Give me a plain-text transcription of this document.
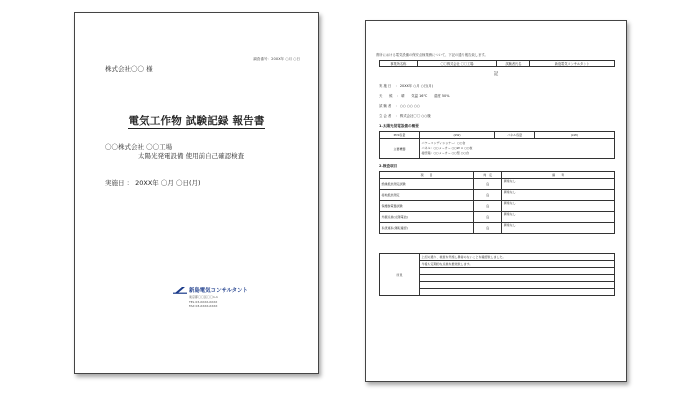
調査番号：20XX年 ○月 ○日
株式会社〇〇 様
電気工作物 試験記録 報告書
〇〇株式会社 〇〇工場
太陽光発電設備 使用前自己確認検査
実施日 ： 20XX年 〇月 〇日(月)
新島電気コンサルタント
東京都〇〇区〇〇1-1
TEL 03-XXXX-XXXX
FAX 03-XXXX-XXXX
貴所における電気設備の保安点検業務について、下記の通り報告致します。
事業所名称	〇〇株式会社 〇〇工場	試験者氏名	新島電気コンサルタント
記
実 施 日 ： 20XX年 ○月 ○日(月)
天　　候 ： 晴　　気温 16℃　　湿度 50%
試 験 者 ： ○○ ○○ ○○
立 会 者 ： 株式会社〇〇 ○○様
1.太陽光発電設備の概要
PCS容量	(kW)	パネル容量	(kW)
主要機器	パワーコンディショナー：○○台
パネル：○○メーカー ○○W × ○○枚
接続箱：○○メーカー ○○型 ○○台		
2.検査項目
項　　目	判　定	備　　考
絶縁抵抗測定試験	良	異常なし
接地抵抗測定	良	異常なし
保護継電器試験	良	異常なし
外観点検(太陽電池)	良	異常なし
系統連系(運転確認)	良	異常なし
所見	上記の通り、検査を実施し異常のないことを確認致しました。
今後も定期的な点検を推奨致します。
